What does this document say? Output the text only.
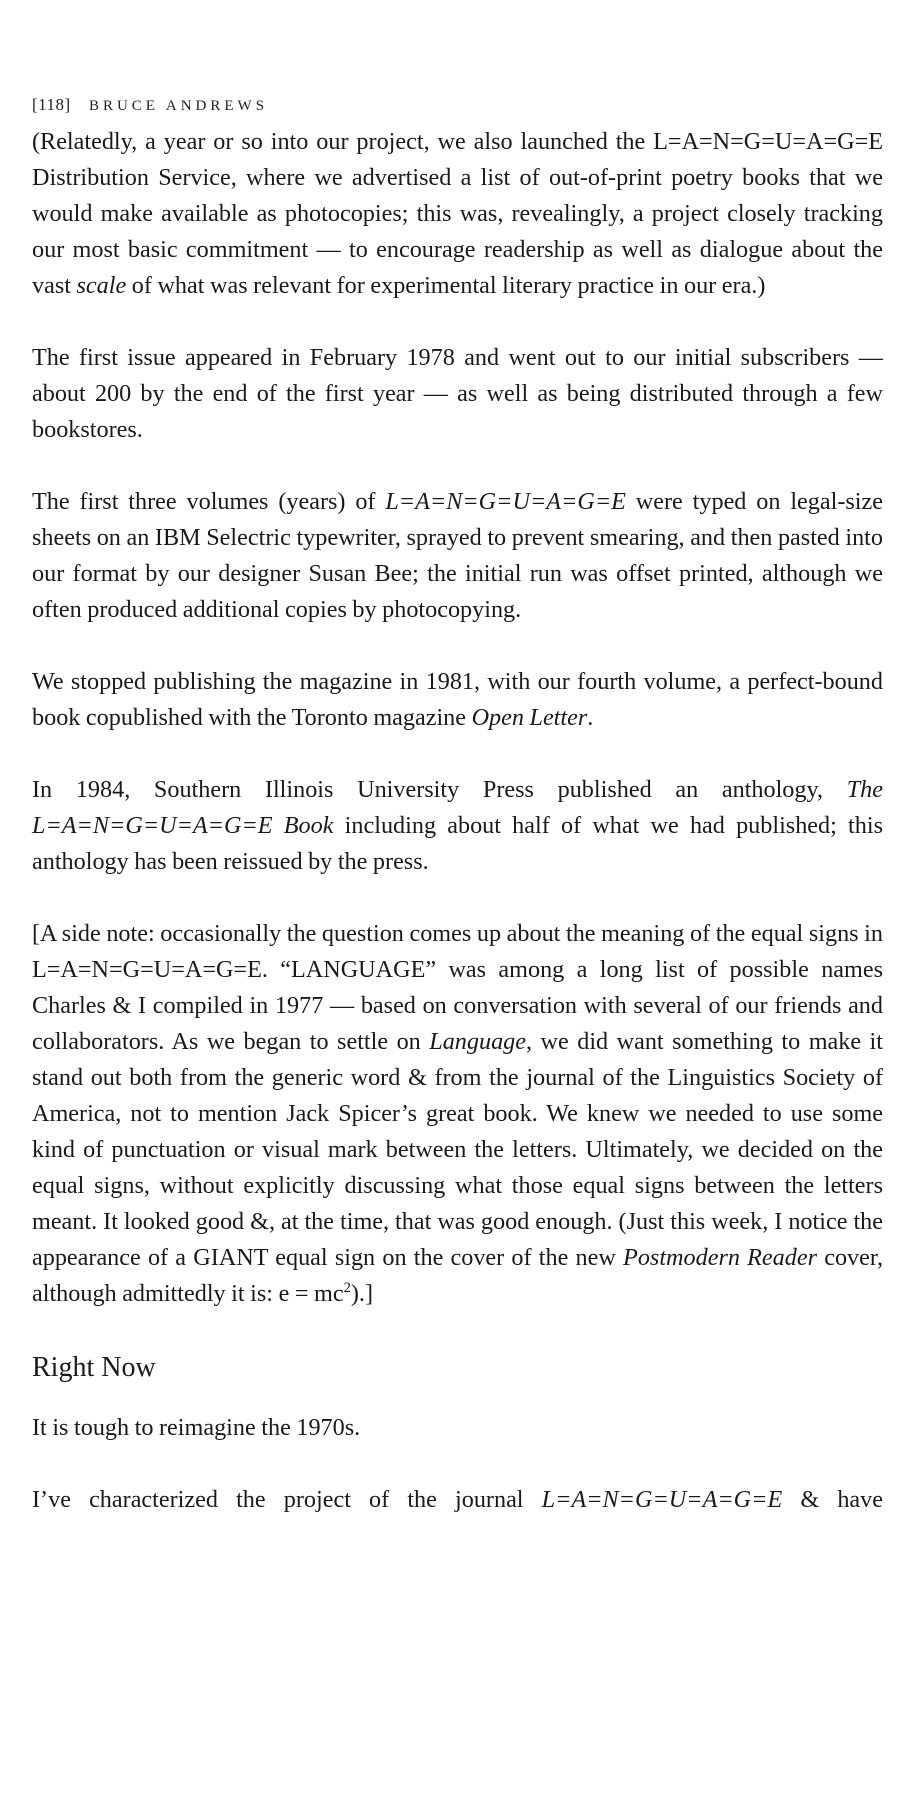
[118] BRUCE ANDREWS

(Relatedly, a year or so into our project, we also launched the L=A=N=G=U=A=G=E Distribution Service, where we advertised a list of out-of-print poetry books that we would make available as photocopies; this was, revealingly, a project closely tracking our most basic commitment — to encourage readership as well as dialogue about the vast scale of what was relevant for experimental literary practice in our era.)

The first issue appeared in February 1978 and went out to our initial subscribers — about 200 by the end of the first year — as well as being distributed through a few bookstores.

The first three volumes (years) of L=A=N=G=U=A=G=E were typed on legal-size sheets on an IBM Selectric typewriter, sprayed to prevent smearing, and then pasted into our format by our designer Susan Bee; the initial run was offset printed, although we often produced additional copies by photocopying.

We stopped publishing the magazine in 1981, with our fourth volume, a perfect-bound book copublished with the Toronto magazine Open Letter.

In 1984, Southern Illinois University Press published an anthology, The L=A=N=G=U=A=G=E Book including about half of what we had published; this anthology has been reissued by the press.

[A side note: occasionally the question comes up about the meaning of the equal signs in L=A=N=G=U=A=G=E. “LANGUAGE” was among a long list of possible names Charles & I compiled in 1977 — based on conversation with several of our friends and collaborators. As we began to settle on Language, we did want something to make it stand out both from the generic word & from the journal of the Linguistics Society of America, not to mention Jack Spicer’s great book. We knew we needed to use some kind of punctuation or visual mark between the letters. Ultimately, we decided on the equal signs, without explicitly discussing what those equal signs between the letters meant. It looked good &, at the time, that was good enough. (Just this week, I notice the appearance of a GIANT equal sign on the cover of the new Postmodern Reader cover, although admittedly it is: $e = mc^2$).]

Right Now

It is tough to reimagine the 1970s.

I’ve characterized the project of the journal L=A=N=G=U=A=G=E & have
